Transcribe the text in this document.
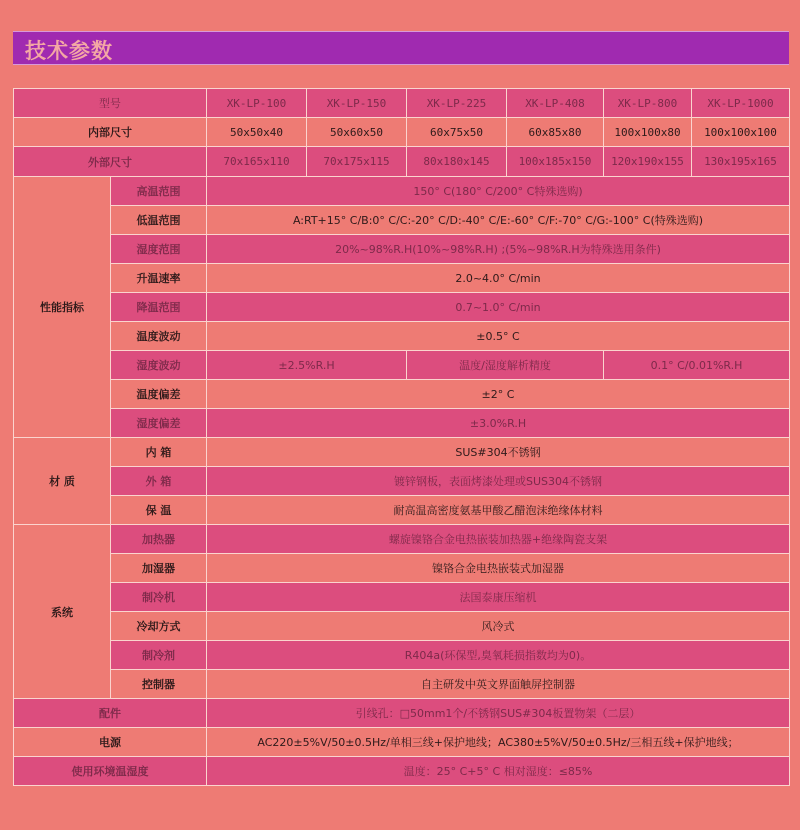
技术参数
型号		XK-LP-100	XK-LP-150	XK-LP-225	XK-LP-408	XK-LP-800	XK-LP-1000
内部尺寸		50x50x40	50x60x50	60x75x50	60x85x80	100x100x80	100x100x100
外部尺寸		70x165x110	70x175x115	80x180x145	100x185x150	120x190x155	130x195x165
性能指标	高温范围	150° C(180° C/200° C特殊选购)					
	低温范围	A:RT+15° C/B:0° C/C:-20° C/D:-40° C/E:-60° C/F:-70° C/G:-100° C(特殊选购)					
	湿度范围	20%~98%R.H(10%~98%R.H) ;(5%~98%R.H为特殊选用条件)					
	升温速率	2.0~4.0° C/min					
	降温范围	0.7~1.0° C/min					
	温度波动	±0.5° C					
	湿度波动	±2.5%R.H		温度/湿度解析精度		0.1° C/0.01%R.H	
	温度偏差	±2° C					
	湿度偏差	±3.0%R.H					
材 质	内 箱	SUS#304不锈钢					
	外 箱	镀锌钢板，表面烤漆处理或SUS304不锈钢					
	保 温	耐高温高密度氨基甲酸乙醋泡沫绝缘体材料					
系统	加热器	螺旋镍铬合金电热嵌装加热器+绝缘陶瓷支架					
	加湿器	镍铬合金电热嵌装式加湿器					
	制冷机	法国泰康压缩机					
	冷却方式	风冷式					
	制冷剂	R404a(环保型,臭氧耗损指数均为0)。					
	控制器	自主研发中英文界面触屏控制器					
配件		引线孔：□50mm1个/不锈钢SUS#304板置物架（二层）					
电源		AC220±5%V/50±0.5Hz/单相三线+保护地线；AC380±5%V/50±0.5Hz/三相五线+保护地线；					
使用环境温湿度		温度：25° C+5° C 相对湿度：≤85%					
